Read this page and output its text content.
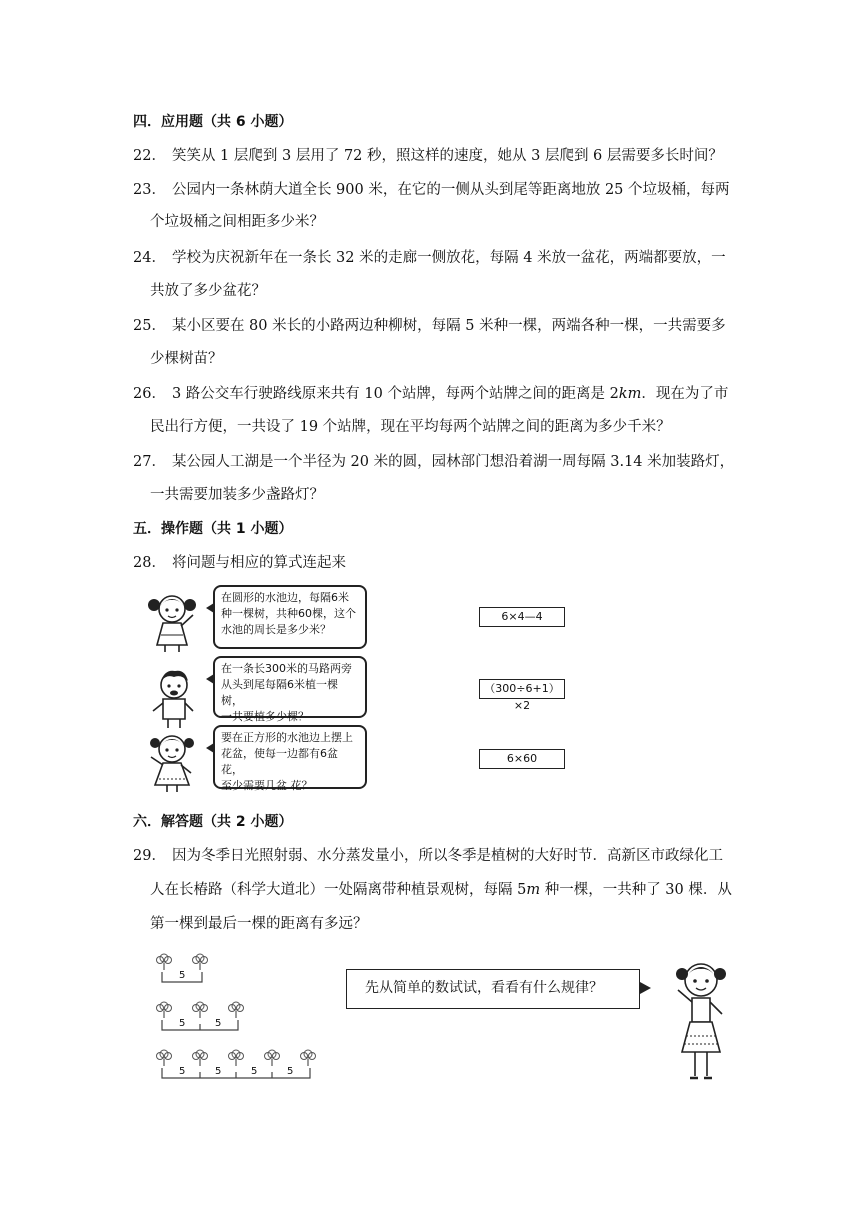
四．应用题（共 6 小题）
22． 笑笑从 1 层爬到 3 层用了 72 秒，照这样的速度，她从 3 层爬到 6 层需要多长时间？
23． 公园内一条林荫大道全长 900 米，在它的一侧从头到尾等距离地放 25 个垃圾桶，每两
个垃圾桶之间相距多少米？
24． 学校为庆祝新年在一条长 32 米的走廊一侧放花，每隔 4 米放一盆花，两端都要放，一
共放了多少盆花？
25． 某小区要在 80 米长的小路两边种柳树，每隔 5 米种一棵，两端各种一棵，一共需要多
少棵树苗？
26． 3 路公交车行驶路线原来共有 10 个站牌，每两个站牌之间的距离是 2km．现在为了市
民出行方便，一共设了 19 个站牌，现在平均每两个站牌之间的距离为多少千米？
27． 某公园人工湖是一个半径为 20 米的圆，园林部门想沿着湖一周每隔 3.14 米加装路灯，
一共需要加装多少盏路灯？
五．操作题（共 1 小题）
28． 将问题与相应的算式连起来
在圆形的水池边，每隔6米
种一棵树，共种60棵，这个
水池的周长是多少米？
在一条长300米的马路两旁
从头到尾每隔6米植一棵树，
一共要植多少棵？
要在正方形的水池边上摆上
花盆，使每一边都有6盆花，
至少需要几盆 花？
6×4—4
（300÷6+1）×2
6×60
六．解答题（共 2 小题）
29． 因为冬季日光照射弱、水分蒸发量小，所以冬季是植树的大好时节．高新区市政绿化工
人在长椿路（科学大道北）一处隔离带种植景观树，每隔 5m 种一棵，一共种了 30 棵．从
第一棵到最后一棵的距离有多远？
5
5	5
5	5	5	5
先从简单的数试试，看看有什么规律？
